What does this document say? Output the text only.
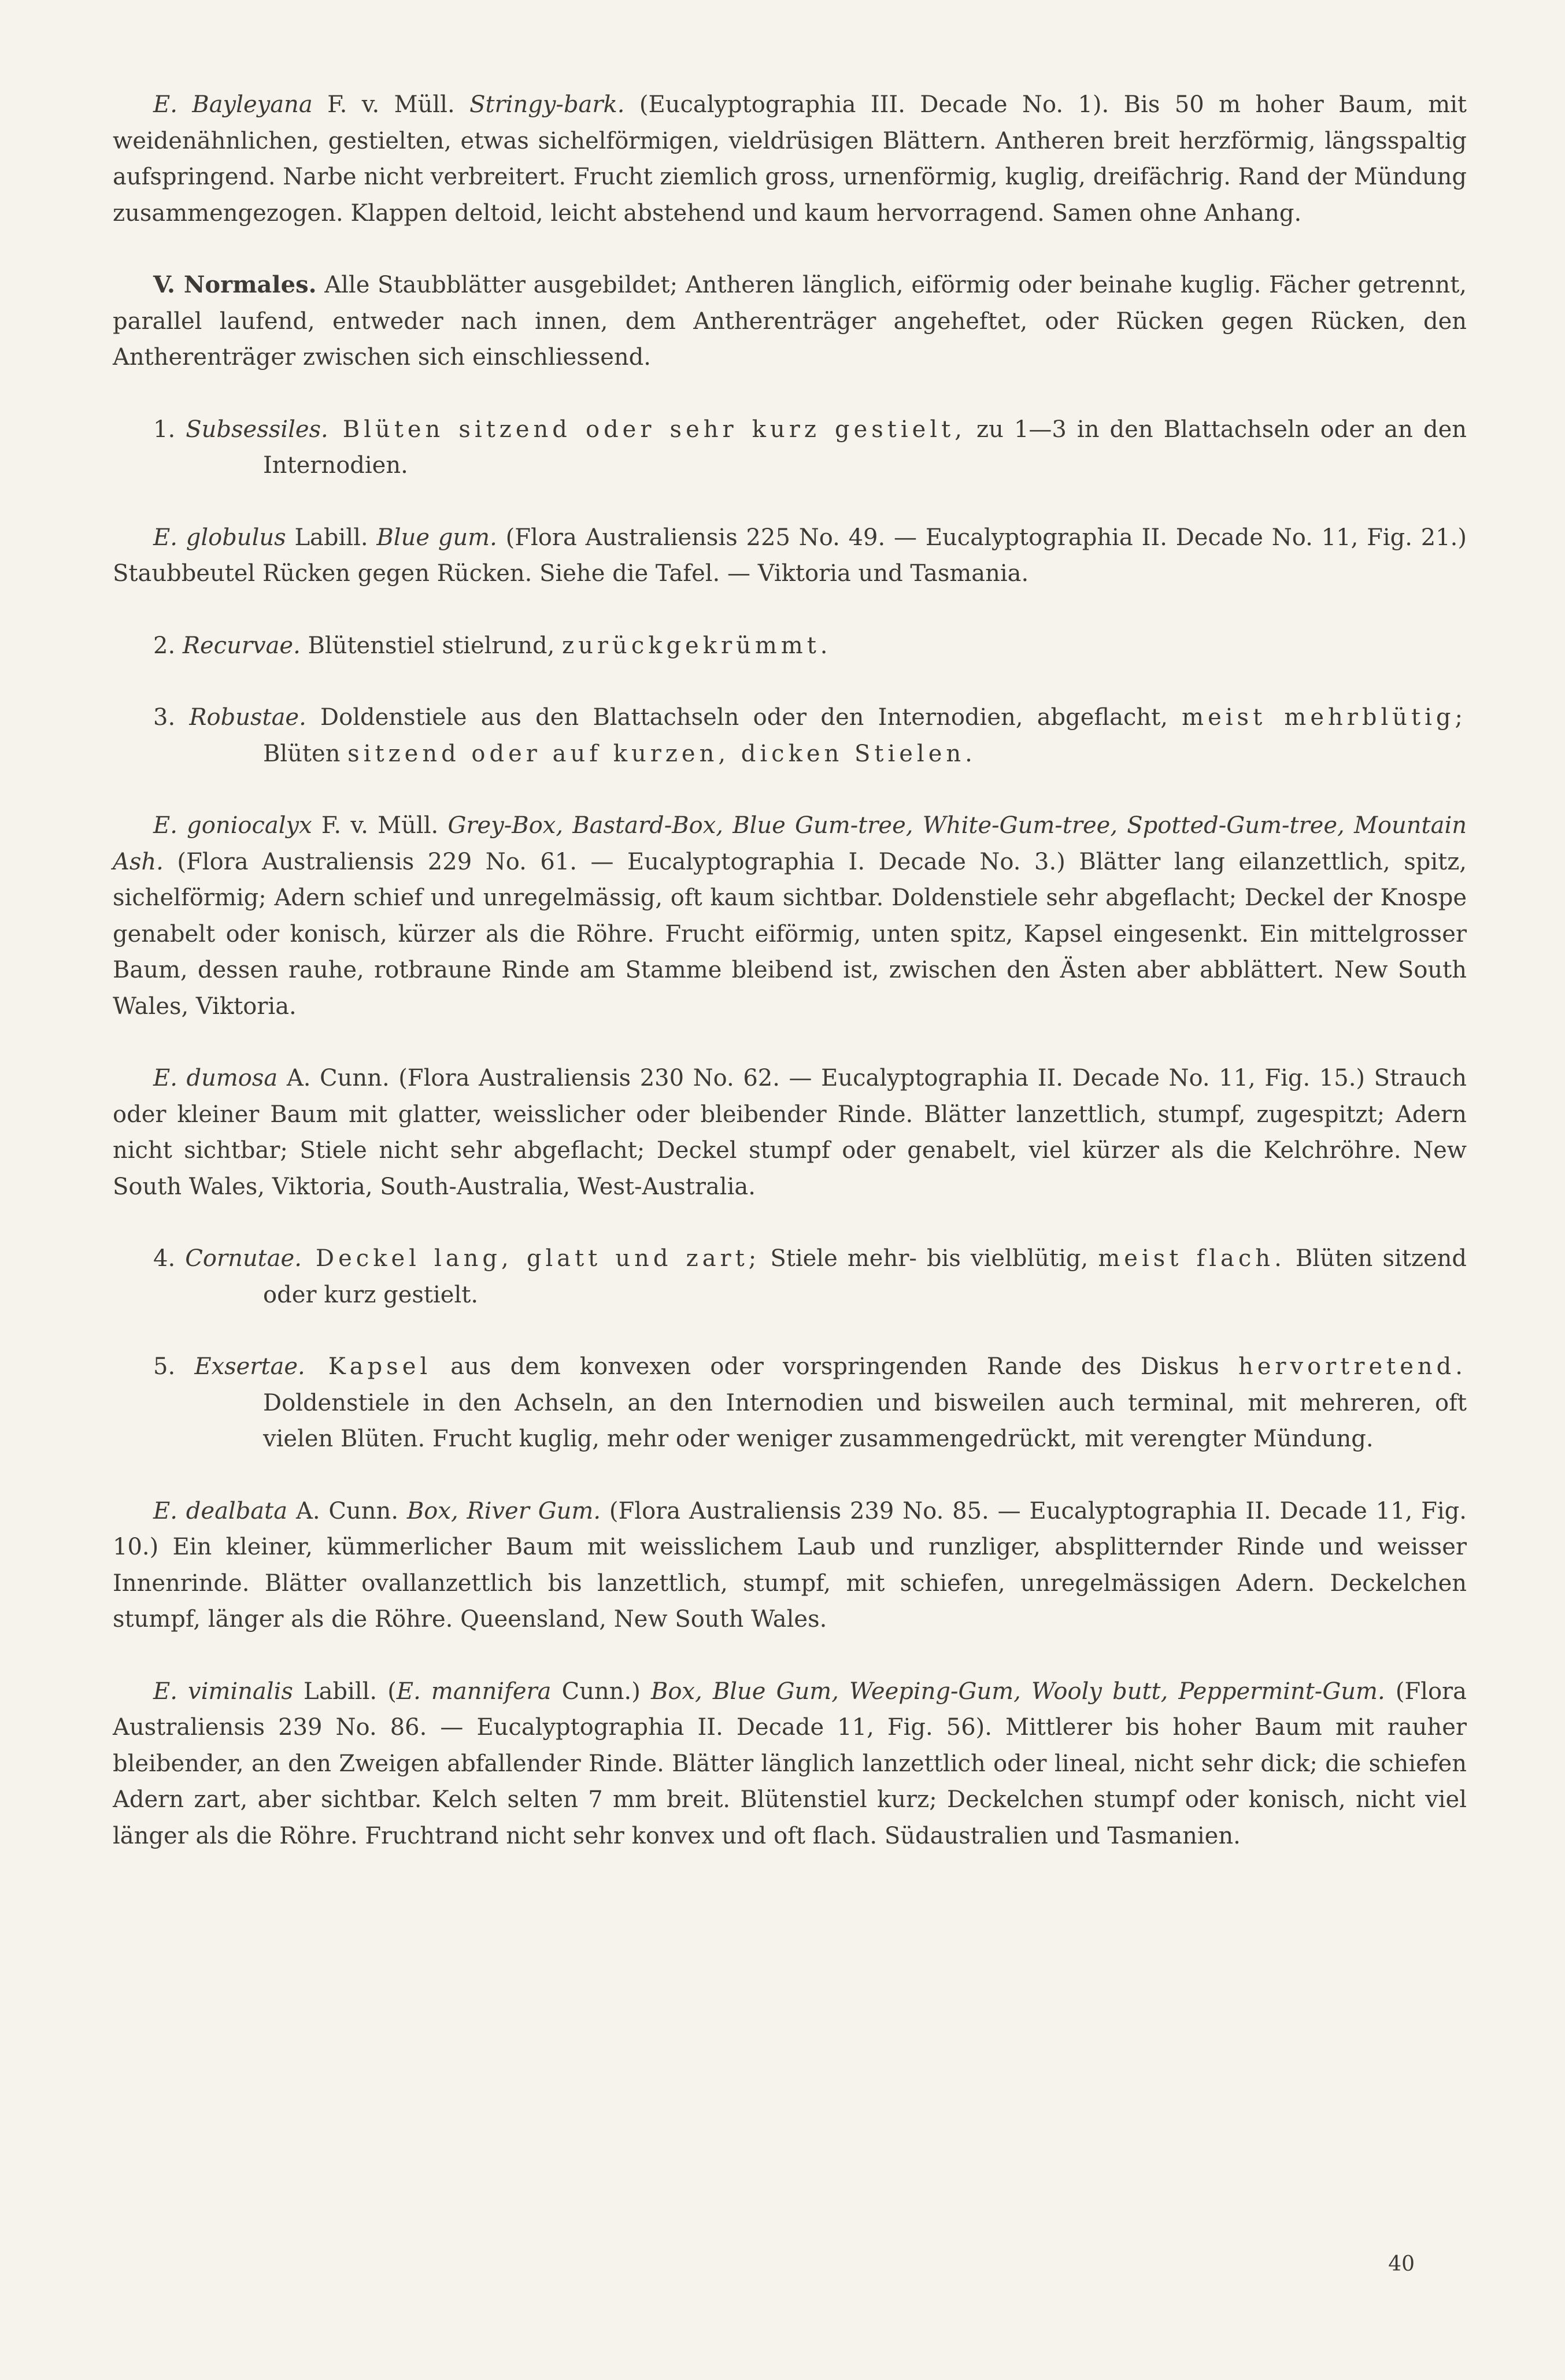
E. Bayleyana F. v. Müll. Stringy-bark. (Eucalyptographia III. Decade No. 1). Bis 50 m hoher Baum, mit weidenähnlichen, gestielten, etwas sichelförmigen, vieldrüsigen Blättern. Antheren breit herzförmig, längsspaltig aufspringend. Narbe nicht verbreitert. Frucht ziemlich gross, urnenförmig, kuglig, dreifächrig. Rand der Mündung zusammengezogen. Klappen deltoid, leicht abstehend und kaum hervorragend. Samen ohne Anhang.

V. Normales. Alle Staubblätter ausgebildet; Antheren länglich, eiförmig oder beinahe kuglig. Fächer getrennt, parallel laufend, entweder nach innen, dem Antherenträger angeheftet, oder Rücken gegen Rücken, den Antherenträger zwischen sich einschliessend.

1. Subsessiles. Blüten sitzend oder sehr kurz gestielt, zu 1—3 in den Blattachseln oder an den Internodien.

E. globulus Labill. Blue gum. (Flora Australiensis 225 No. 49. — Eucalyptographia II. Decade No. 11, Fig. 21.) Staubbeutel Rücken gegen Rücken. Siehe die Tafel. — Viktoria und Tasmania.

2. Recurvae. Blütenstiel stielrund, zurückgekrümmt.

3. Robustae. Doldenstiele aus den Blattachseln oder den Internodien, abgeflacht, meist mehrblütig; Blüten sitzend oder auf kurzen, dicken Stielen.

E. goniocalyx F. v. Müll. Grey-Box, Bastard-Box, Blue Gum-tree, White-Gum-tree, Spotted-Gum-tree, Mountain Ash. (Flora Australiensis 229 No. 61. — Eucalyptographia I. Decade No. 3.) Blätter lang eilanzettlich, spitz, sichelförmig; Adern schief und unregelmässig, oft kaum sichtbar. Doldenstiele sehr abgeflacht; Deckel der Knospe genabelt oder konisch, kürzer als die Röhre. Frucht eiförmig, unten spitz, Kapsel eingesenkt. Ein mittelgrosser Baum, dessen rauhe, rotbraune Rinde am Stamme bleibend ist, zwischen den Ästen aber abblättert. New South Wales, Viktoria.

E. dumosa A. Cunn. (Flora Australiensis 230 No. 62. — Eucalyptographia II. Decade No. 11, Fig. 15.) Strauch oder kleiner Baum mit glatter, weisslicher oder bleibender Rinde. Blätter lanzettlich, stumpf, zugespitzt; Adern nicht sichtbar; Stiele nicht sehr abgeflacht; Deckel stumpf oder genabelt, viel kürzer als die Kelchröhre. New South Wales, Viktoria, South-Australia, West-Australia.

4. Cornutae. Deckel lang, glatt und zart; Stiele mehr- bis vielblütig, meist flach. Blüten sitzend oder kurz gestielt.

5. Exsertae. Kapsel aus dem konvexen oder vorspringenden Rande des Diskus hervortretend. Doldenstiele in den Achseln, an den Internodien und bisweilen auch terminal, mit mehreren, oft vielen Blüten. Frucht kuglig, mehr oder weniger zusammengedrückt, mit verengter Mündung.

E. dealbata A. Cunn. Box, River Gum. (Flora Australiensis 239 No. 85. — Eucalyptographia II. Decade 11, Fig. 10.) Ein kleiner, kümmerlicher Baum mit weisslichem Laub und runzliger, absplitternder Rinde und weisser Innenrinde. Blätter ovallanzettlich bis lanzettlich, stumpf, mit schiefen, unregelmässigen Adern. Deckelchen stumpf, länger als die Röhre. Queensland, New South Wales.

E. viminalis Labill. (E. mannifera Cunn.) Box, Blue Gum, Weeping-Gum, Wooly butt, Peppermint-Gum. (Flora Australiensis 239 No. 86. — Eucalyptographia II. Decade 11, Fig. 56). Mittlerer bis hoher Baum mit rauher bleibender, an den Zweigen abfallender Rinde. Blätter länglich lanzettlich oder lineal, nicht sehr dick; die schiefen Adern zart, aber sichtbar. Kelch selten 7 mm breit. Blütenstiel kurz; Deckelchen stumpf oder konisch, nicht viel länger als die Röhre. Fruchtrand nicht sehr konvex und oft flach. Südaustralien und Tasmanien.

40
